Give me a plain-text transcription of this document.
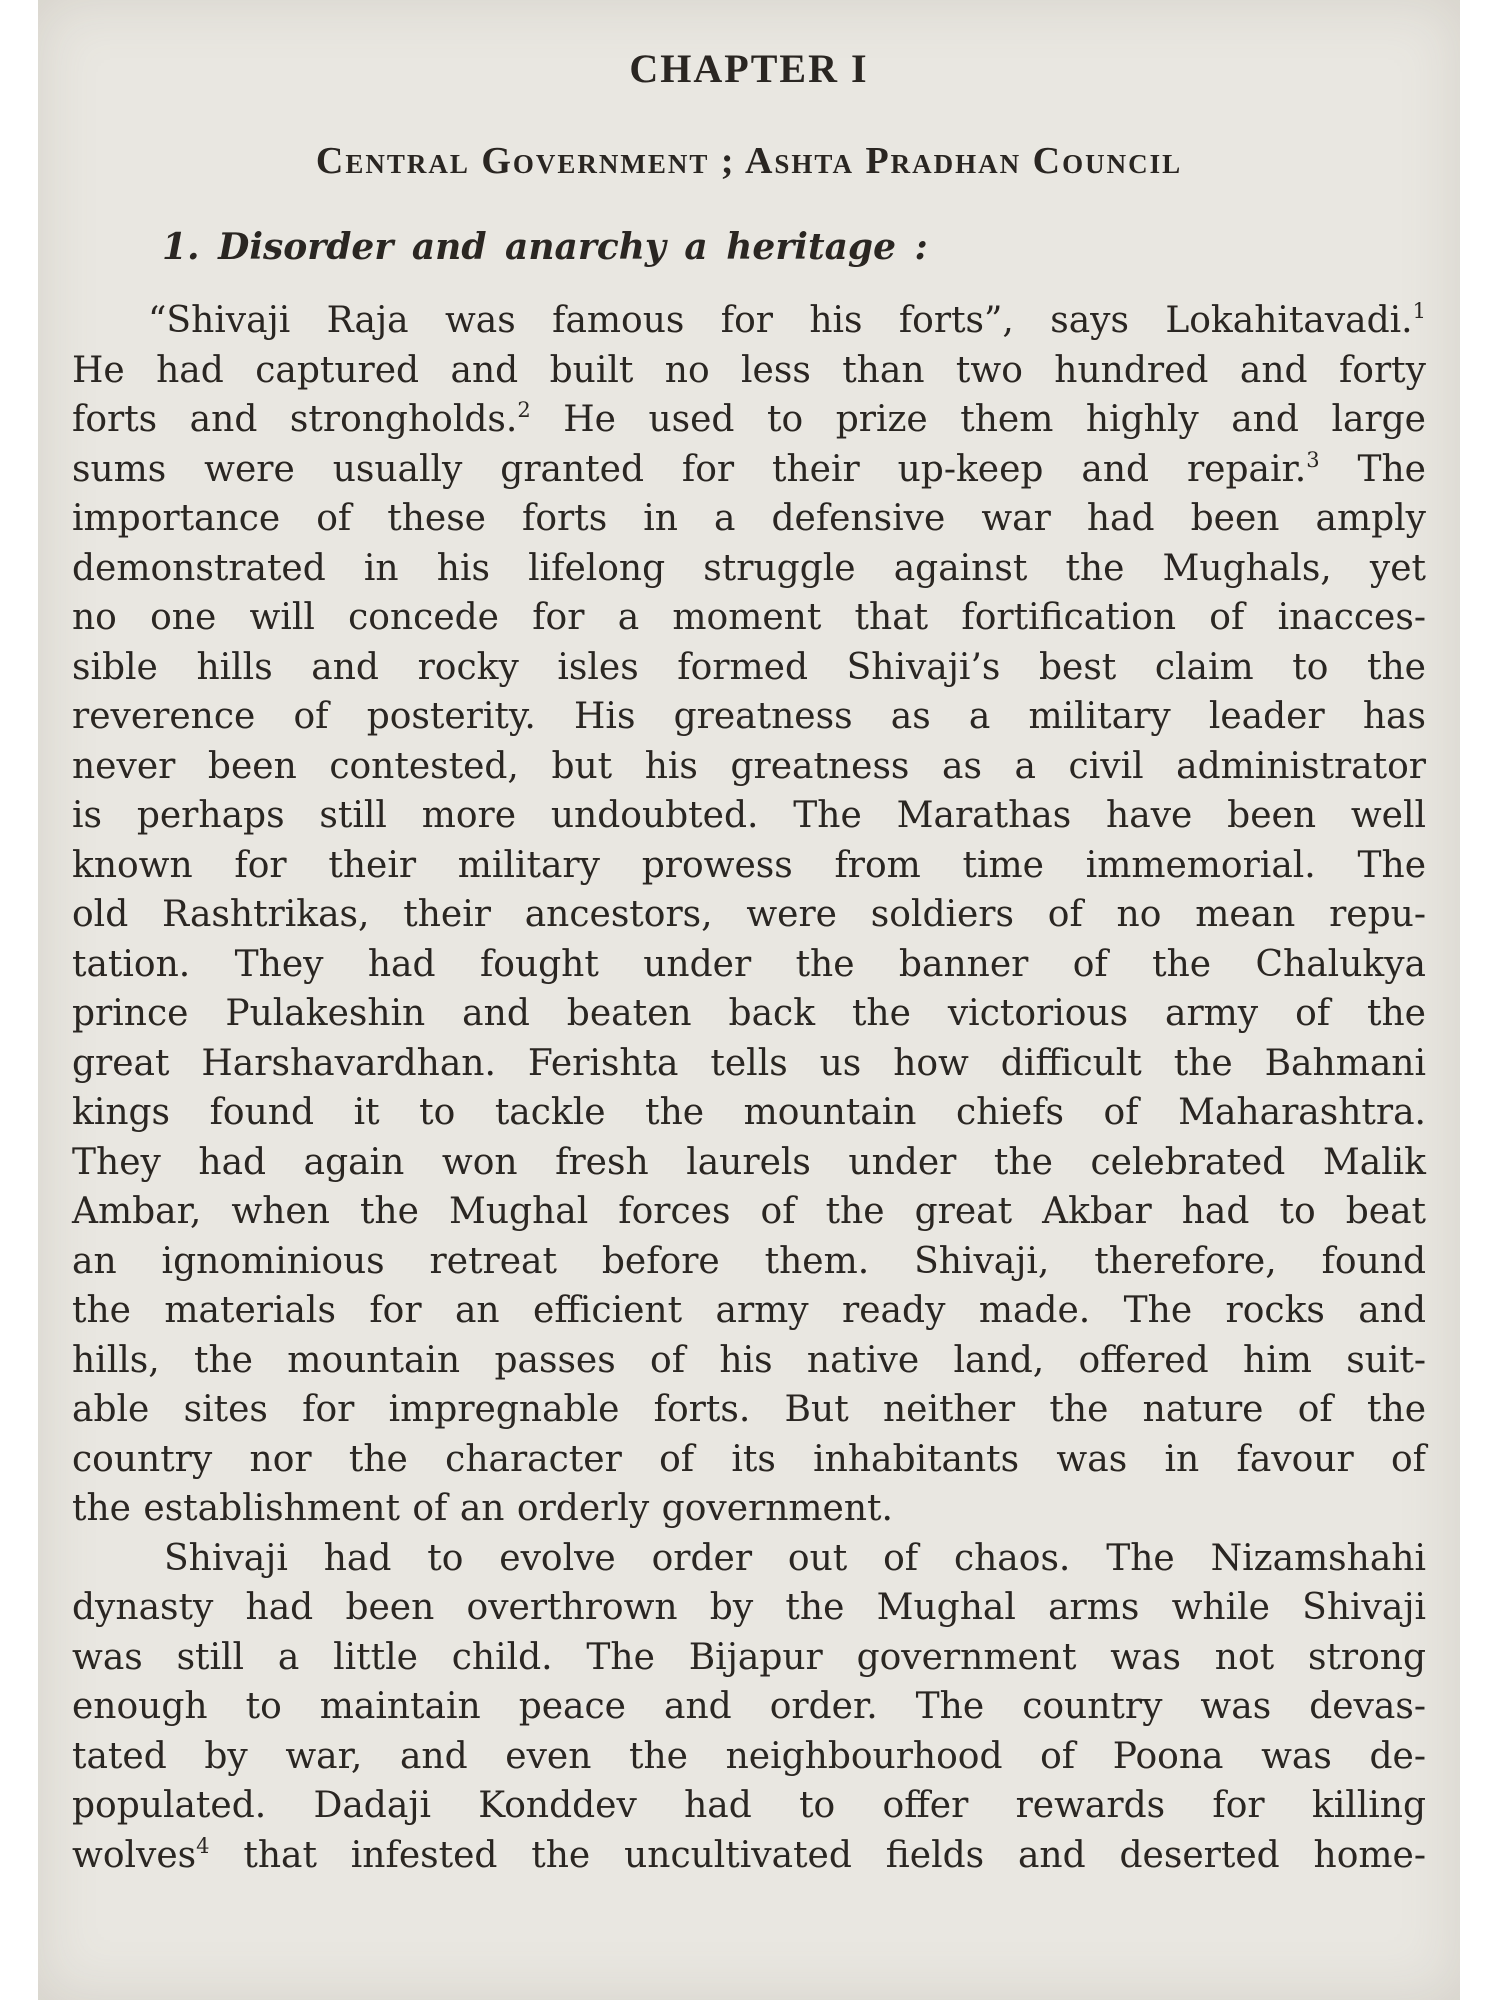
CHAPTER I
Central Government ; Ashta Pradhan Council
1. Disorder and anarchy a heritage :

“Shivaji Raja was famous for his forts”, says Lokahitavadi.$^1$
He had captured and built no less than two hundred and forty
forts and strongholds.$^2$ He used to prize them highly and large
sums were usually granted for their up-keep and repair.$^3$ The
importance of these forts in a defensive war had been amply
demonstrated in his lifelong struggle against the Mughals, yet
no one will concede for a moment that fortification of inacces-
sible hills and rocky isles formed Shivaji’s best claim to the
reverence of posterity. His greatness as a military leader has
never been contested, but his greatness as a civil administrator
is perhaps still more undoubted. The Marathas have been well
known for their military prowess from time immemorial. The
old Rashtrikas, their ancestors, were soldiers of no mean repu-
tation. They had fought under the banner of the Chalukya
prince Pulakeshin and beaten back the victorious army of the
great Harshavardhan. Ferishta tells us how difficult the Bahmani
kings found it to tackle the mountain chiefs of Maharashtra.
They had again won fresh laurels under the celebrated Malik
Ambar, when the Mughal forces of the great Akbar had to beat
an ignominious retreat before them. Shivaji, therefore, found
the materials for an efficient army ready made. The rocks and
hills, the mountain passes of his native land, offered him suit-
able sites for impregnable forts. But neither the nature of the
country nor the character of its inhabitants was in favour of
the establishment of an orderly government.

Shivaji had to evolve order out of chaos. The Nizamshahi
dynasty had been overthrown by the Mughal arms while Shivaji
was still a little child. The Bijapur government was not strong
enough to maintain peace and order. The country was devas-
tated by war, and even the neighbourhood of Poona was de-
populated. Dadaji Konddev had to offer rewards for killing
wolves$^4$ that infested the uncultivated fields and deserted home-
